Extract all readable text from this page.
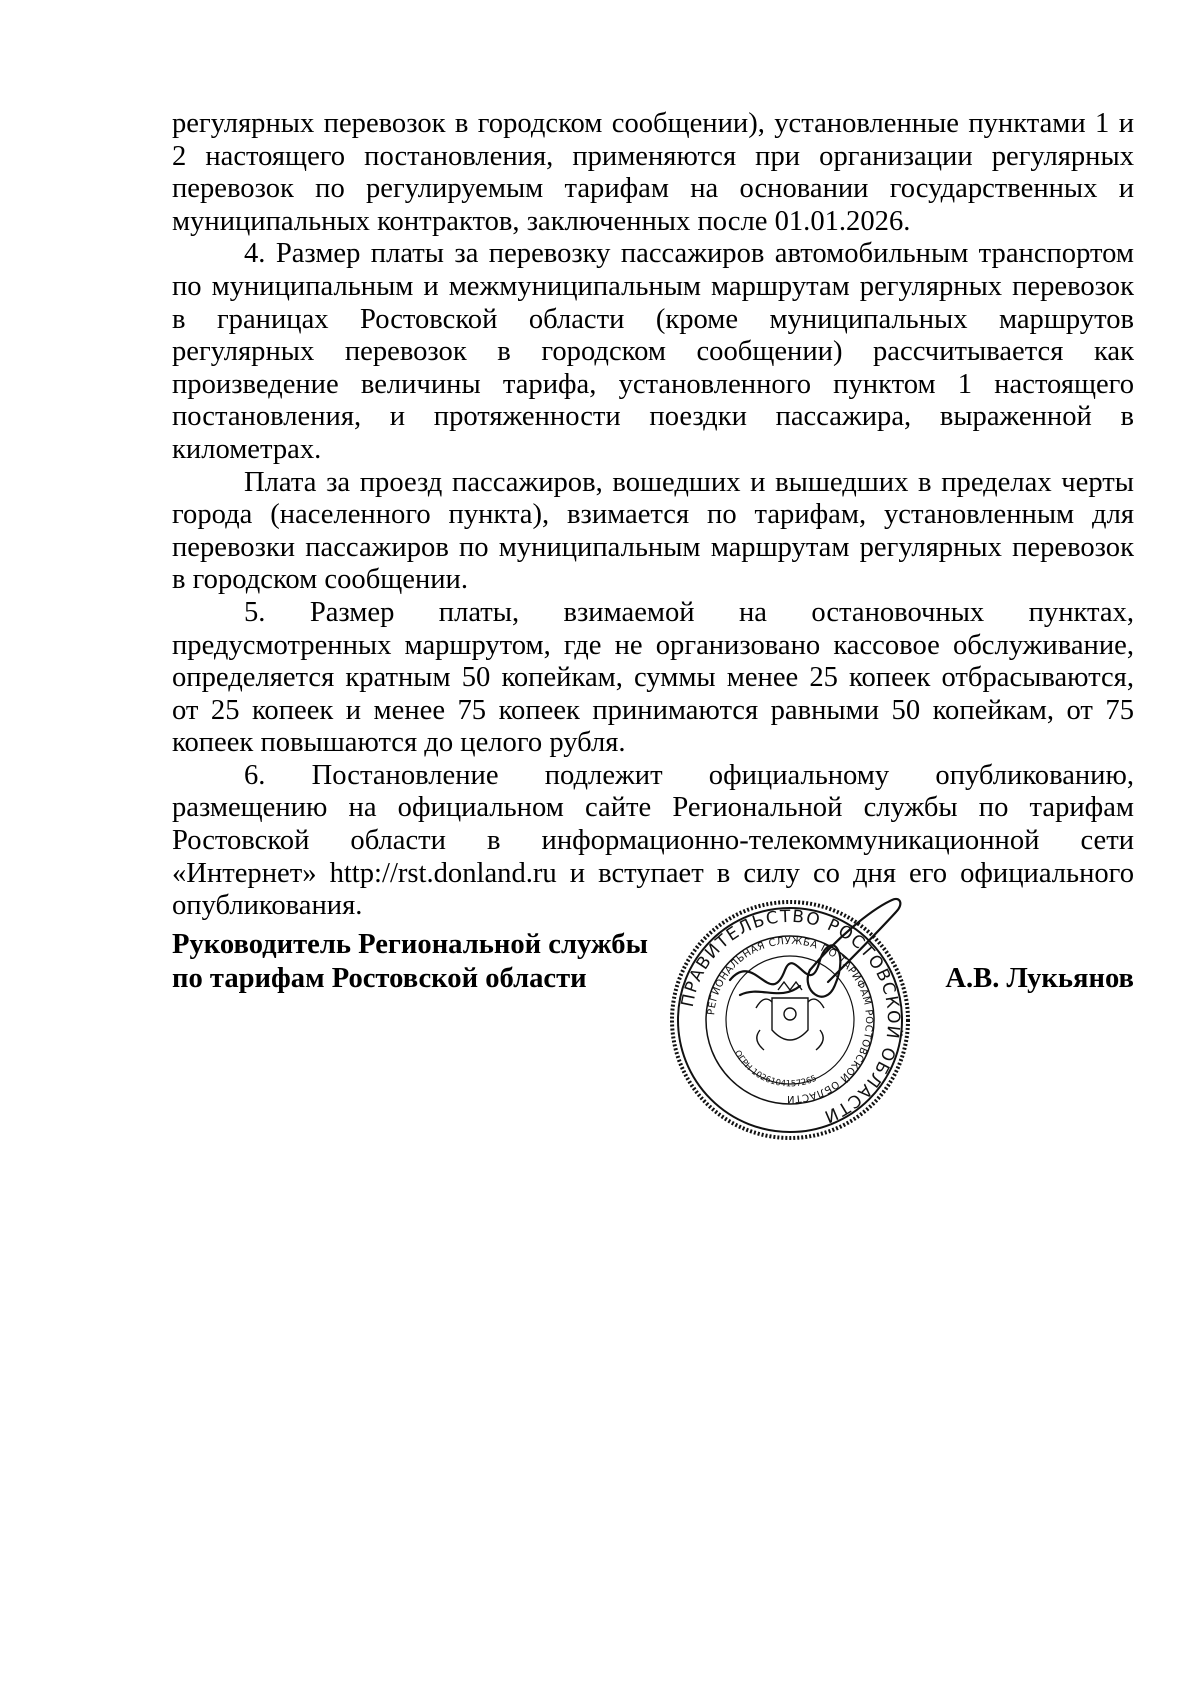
регулярных перевозок в городском сообщении), установленные пунктами 1 и 2 настоящего постановления, применяются при организации регулярных перевозок по регулируемым тарифам на основании государственных и муниципальных контрактов, заключенных после 01.01.2026.

4. Размер платы за перевозку пассажиров автомобильным транспортом по муниципальным и межмуниципальным маршрутам регулярных перевозок в границах Ростовской области (кроме муниципальных маршрутов регулярных перевозок в городском сообщении) рассчитывается как произведение величины тарифа, установленного пунктом 1 настоящего постановления, и протяженности поездки пассажира, выраженной в километрах.

Плата за проезд пассажиров, вошедших и вышедших в пределах черты города (населенного пункта), взимается по тарифам, установленным для перевозки пассажиров по муниципальным маршрутам регулярных перевозок в городском сообщении.

5. Размер платы, взимаемой на остановочных пунктах, предусмотренных маршрутом, где не организовано кассовое обслуживание, определяется кратным 50 копейкам, суммы менее 25 копеек отбрасываются, от 25 копеек и менее 75 копеек принимаются равными 50 копейкам, от 75 копеек повышаются до целого рубля.

6. Постановление подлежит официальному опубликованию, размещению на официальном сайте Региональной службы по тарифам Ростовской области в информационно-телекоммуникационной сети «Интернет» http://rst.donland.ru и вступает в силу со дня его официального опубликования.

Руководитель Региональной службы
по тарифам Ростовской области
ПРАВИТЕЛЬСТВО РОСТОВСКОЙ ОБЛАСТИ
РЕГИОНАЛЬНАЯ СЛУЖБА ПО ТАРИФАМ РОСТОВСКОЙ ОБЛАСТИ
ОГРН 1026104157265
А.В. Лукьянов
